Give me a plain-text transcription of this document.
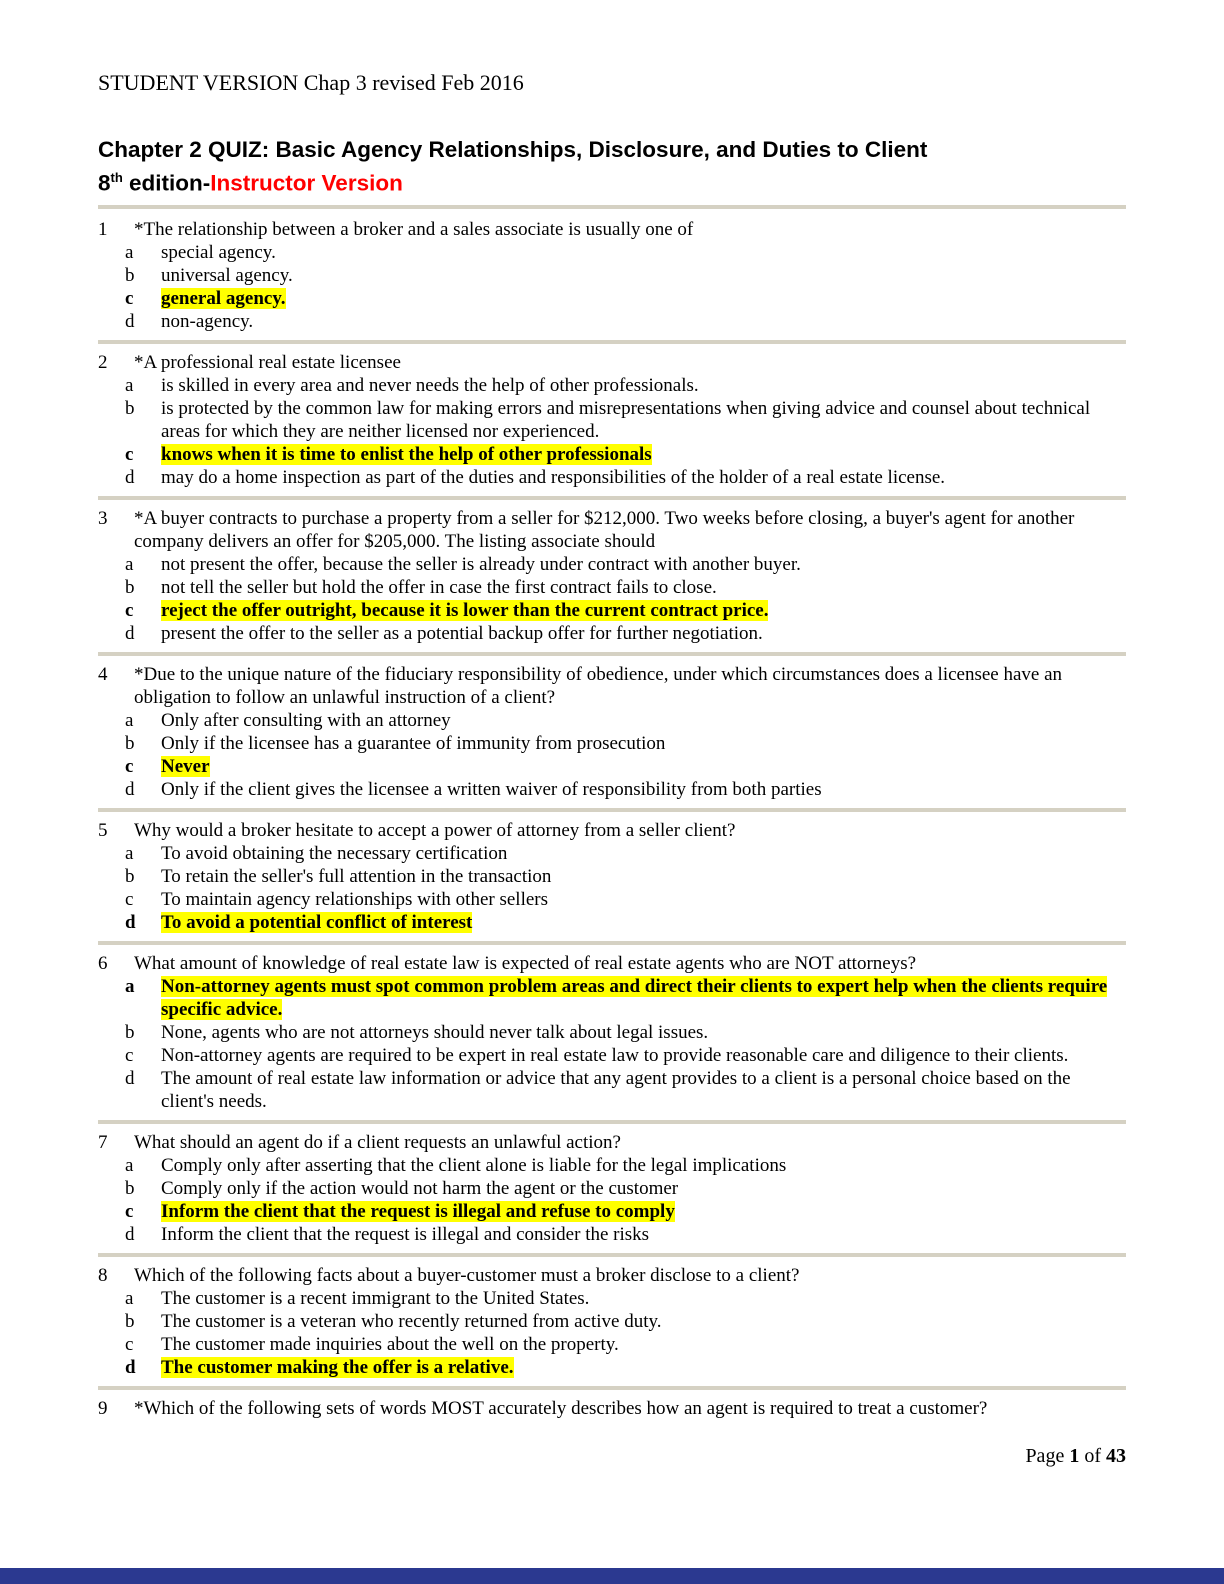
STUDENT VERSION Chap 3 revised Feb 2016
Chapter 2 QUIZ: Basic Agency Relationships, Disclosure, and Duties to Client
8th edition-Instructor Version
1	*The relationship between a broker and a sales associate is usually one of
a	special agency.
b	universal agency.
c	general agency.
d	non-agency.
2	*A professional real estate licensee
a	is skilled in every area and never needs the help of other professionals.
b	is protected by the common law for making errors and misrepresentations when giving advice and counsel about technical areas for which they are neither licensed nor experienced.
c	knows when it is time to enlist the help of other professionals
d	may do a home inspection as part of the duties and responsibilities of the holder of a real estate license.
3	*A buyer contracts to purchase a property from a seller for $212,000. Two weeks before closing, a buyer's agent for another company delivers an offer for $205,000. The listing associate should
a	not present the offer, because the seller is already under contract with another buyer.
b	not tell the seller but hold the offer in case the first contract fails to close.
c	reject the offer outright, because it is lower than the current contract price.
d	present the offer to the seller as a potential backup offer for further negotiation.
4	*Due to the unique nature of the fiduciary responsibility of obedience, under which circumstances does a licensee have an obligation to follow an unlawful instruction of a client?
a	Only after consulting with an attorney
b	Only if the licensee has a guarantee of immunity from prosecution
c	Never
d	Only if the client gives the licensee a written waiver of responsibility from both parties
5	Why would a broker hesitate to accept a power of attorney from a seller client?
a	To avoid obtaining the necessary certification
b	To retain the seller's full attention in the transaction
c	To maintain agency relationships with other sellers
d	To avoid a potential conflict of interest
6	What amount of knowledge of real estate law is expected of real estate agents who are NOT attorneys?
a	Non-attorney agents must spot common problem areas and direct their clients to expert help when the clients require specific advice.
b	None, agents who are not attorneys should never talk about legal issues.
c	Non-attorney agents are required to be expert in real estate law to provide reasonable care and diligence to their clients.
d	The amount of real estate law information or advice that any agent provides to a client is a personal choice based on the client's needs.
7	What should an agent do if a client requests an unlawful action?
a	Comply only after asserting that the client alone is liable for the legal implications
b	Comply only if the action would not harm the agent or the customer
c	Inform the client that the request is illegal and refuse to comply
d	Inform the client that the request is illegal and consider the risks
8	Which of the following facts about a buyer-customer must a broker disclose to a client?
a	The customer is a recent immigrant to the United States.
b	The customer is a veteran who recently returned from active duty.
c	The customer made inquiries about the well on the property.
d	The customer making the offer is a relative.
9	*Which of the following sets of words MOST accurately describes how an agent is required to treat a customer?
Page 1 of 43
